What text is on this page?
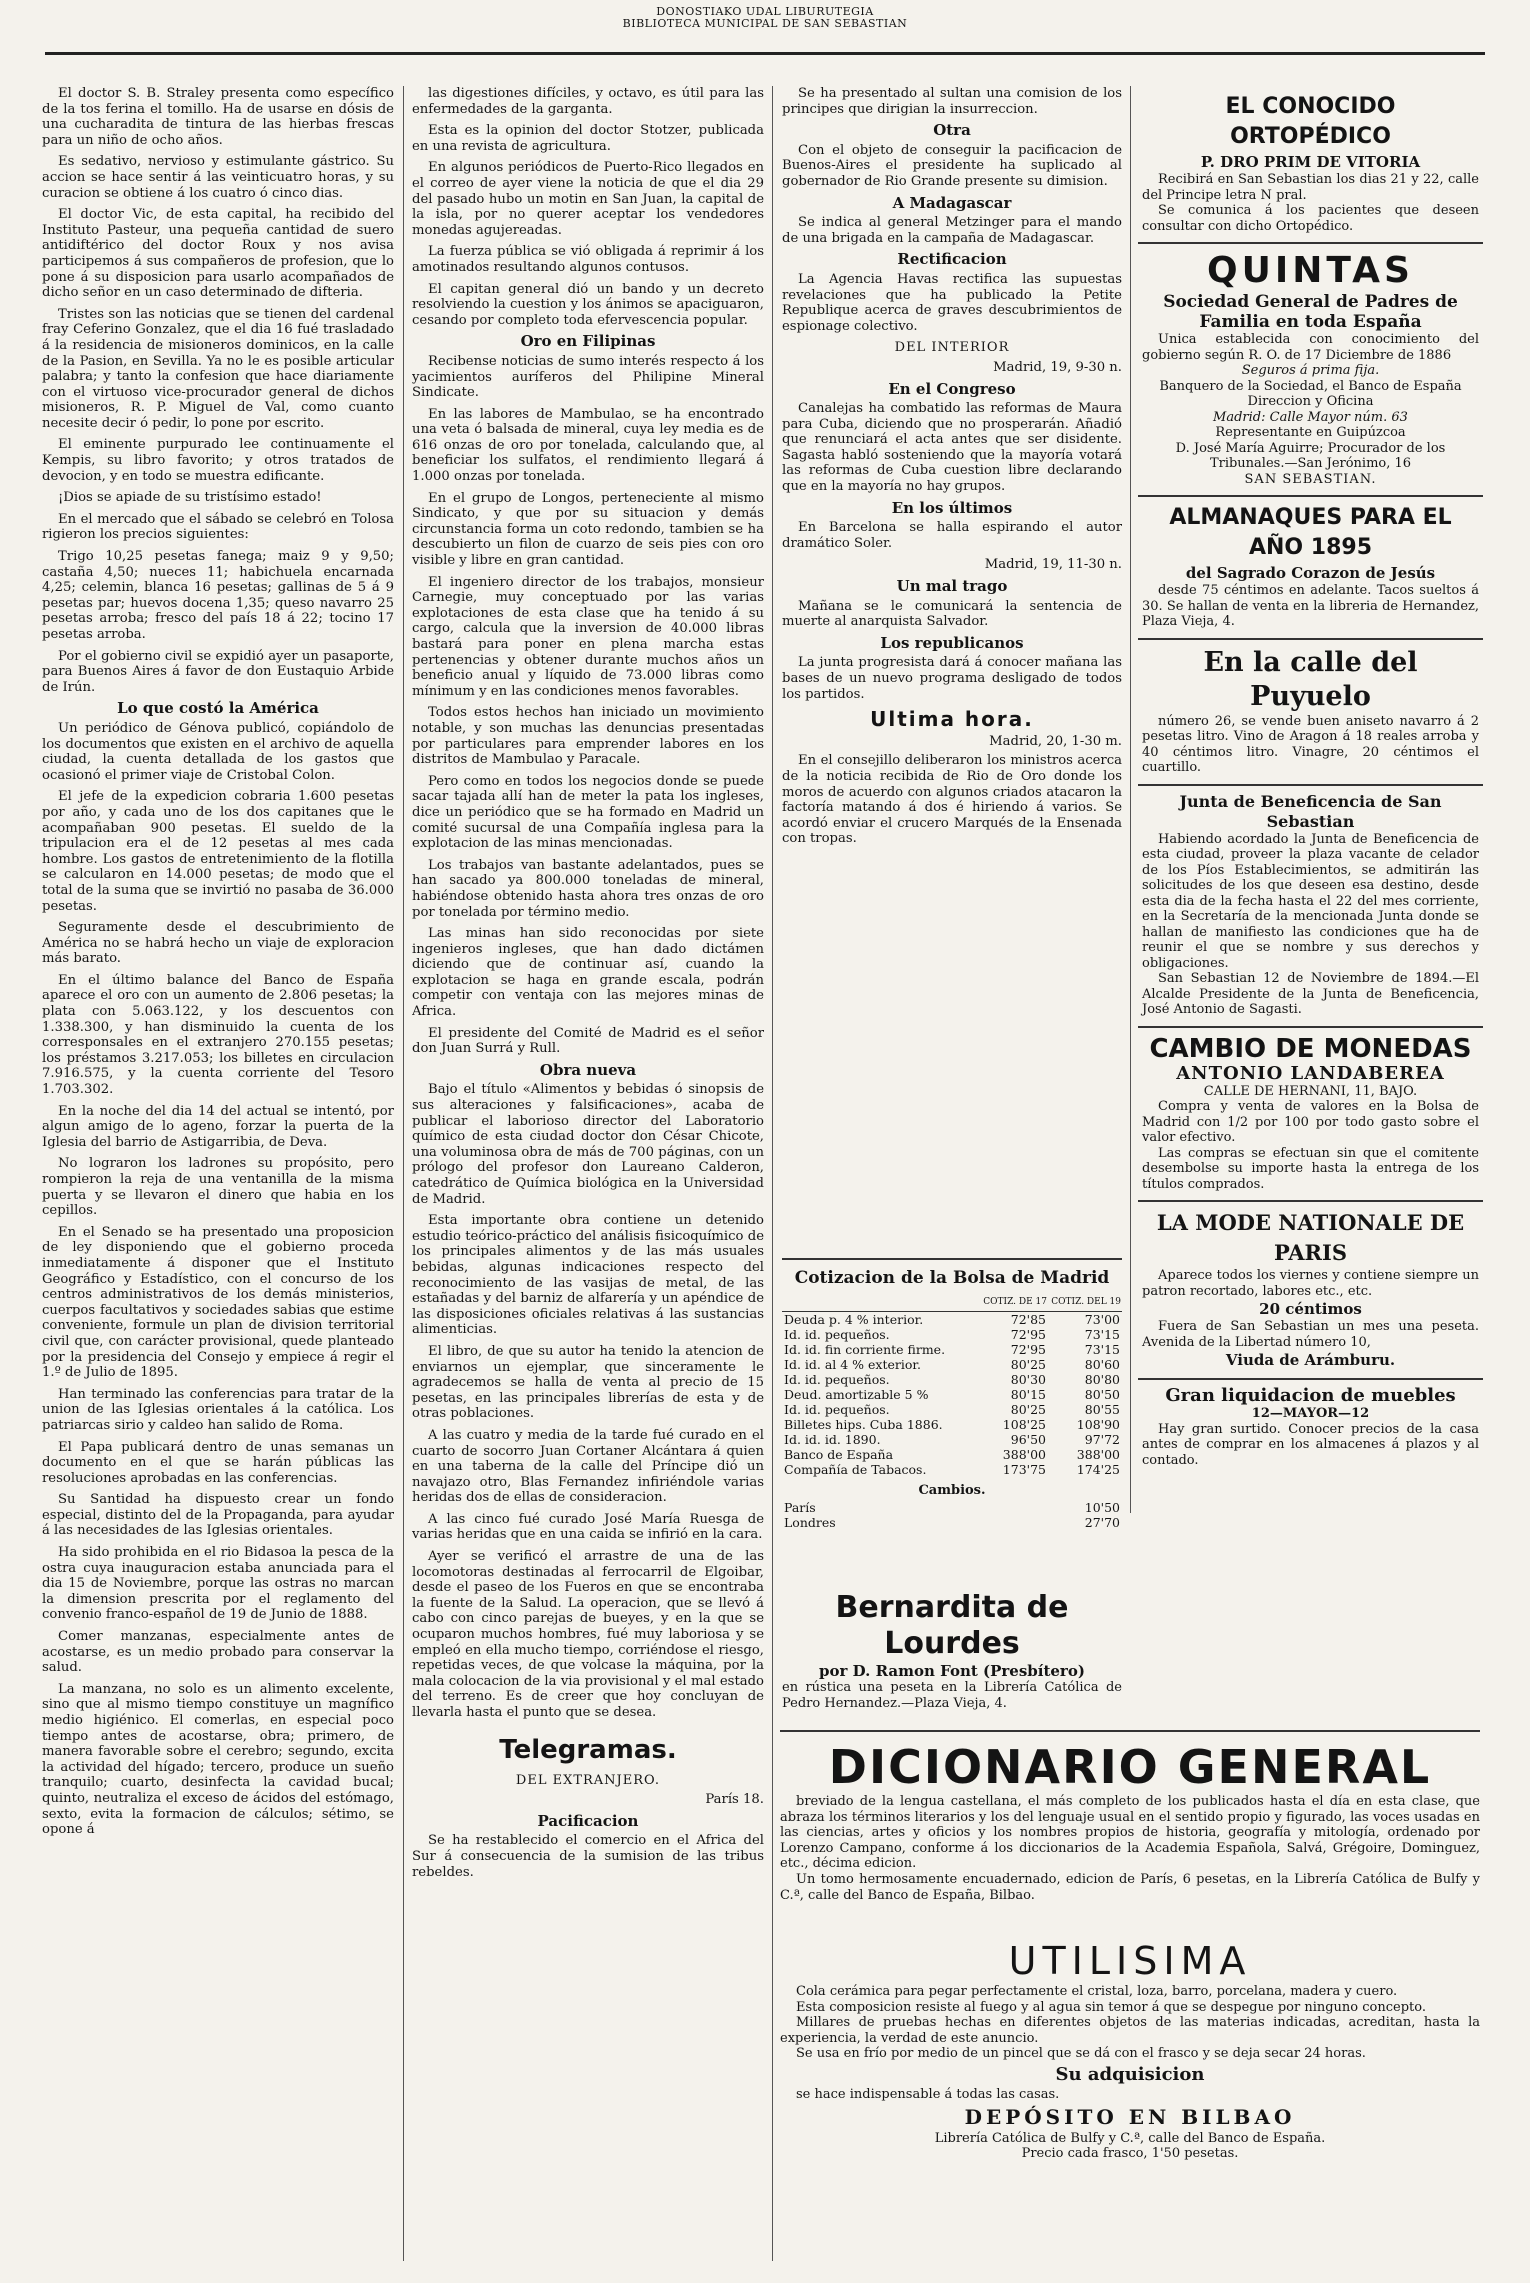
DONOSTIAKO UDAL LIBURUTEGIA
BIBLIOTECA MUNICIPAL DE SAN SEBASTIAN

El doctor S. B. Straley presenta como específico de la tos ferina el tomillo. Ha de usarse en dósis de una cucharadita de tintura de las hierbas frescas para un niño de ocho años.

Es sedativo, nervioso y estimulante gástrico. Su accion se hace sentir á las veinticuatro horas, y su curacion se obtiene á los cuatro ó cinco dias.

El doctor Vic, de esta capital, ha recibido del Instituto Pasteur, una pequeña cantidad de suero antidiftérico del doctor Roux y nos avisa participemos á sus compañeros de profesion, que lo pone á su disposicion para usarlo acompañados de dicho señor en un caso determinado de difteria.

Tristes son las noticias que se tienen del cardenal fray Ceferino Gonzalez, que el dia 16 fué trasladado á la residencia de misioneros dominicos, en la calle de la Pasion, en Sevilla. Ya no le es posible articular palabra; y tanto la confesion que hace diariamente con el virtuoso vice-procurador general de dichos misioneros, R. P. Miguel de Val, como cuanto necesite decir ó pedir, lo pone por escrito.

El eminente purpurado lee continuamente el Kempis, su libro favorito; y otros tratados de devocion, y en todo se muestra edificante.

¡Dios se apiade de su tristísimo estado!

En el mercado que el sábado se celebró en Tolosa rigieron los precios siguientes:

Trigo 10,25 pesetas fanega; maiz 9 y 9,50; castaña 4,50; nueces 11; habichuela encarnada 4,25; celemin, blanca 16 pesetas; gallinas de 5 á 9 pesetas par; huevos docena 1,35; queso navarro 25 pesetas arroba; fresco del país 18 á 22; tocino 17 pesetas arroba.

Por el gobierno civil se expidió ayer un pasaporte, para Buenos Aires á favor de don Eustaquio Arbide de Irún.

Lo que costó la América

Un periódico de Génova publicó, copiándolo de los documentos que existen en el archivo de aquella ciudad, la cuenta detallada de los gastos que ocasionó el primer viaje de Cristobal Colon.

El jefe de la expedicion cobraria 1.600 pesetas por año, y cada uno de los dos capitanes que le acompañaban 900 pesetas. El sueldo de la tripulacion era el de 12 pesetas al mes cada hombre. Los gastos de entretenimiento de la flotilla se calcularon en 14.000 pesetas; de modo que el total de la suma que se invirtió no pasaba de 36.000 pesetas.

Seguramente desde el descubrimiento de América no se habrá hecho un viaje de exploracion más barato.

En el último balance del Banco de España aparece el oro con un aumento de 2.806 pesetas; la plata con 5.063.122, y los descuentos con 1.338.300, y han disminuido la cuenta de los corresponsales en el extranjero 270.155 pesetas; los préstamos 3.217.053; los billetes en circulacion 7.916.575, y la cuenta corriente del Tesoro 1.703.302.

En la noche del dia 14 del actual se intentó, por algun amigo de lo ageno, forzar la puerta de la Iglesia del barrio de Astigarribia, de Deva.

No lograron los ladrones su propósito, pero rompieron la reja de una ventanilla de la misma puerta y se llevaron el dinero que habia en los cepillos.

En el Senado se ha presentado una proposicion de ley disponiendo que el gobierno proceda inmediatamente á disponer que el Instituto Geográfico y Estadístico, con el concurso de los centros administrativos de los demás ministerios, cuerpos facultativos y sociedades sabias que estime conveniente, formule un plan de division territorial civil que, con carácter provisional, quede planteado por la presidencia del Consejo y empiece á regir el 1.º de Julio de 1895.

Han terminado las conferencias para tratar de la union de las Iglesias orientales á la católica. Los patriarcas sirio y caldeo han salido de Roma.

El Papa publicará dentro de unas semanas un documento en el que se harán públicas las resoluciones aprobadas en las conferencias.

Su Santidad ha dispuesto crear un fondo especial, distinto del de la Propaganda, para ayudar á las necesidades de las Iglesias orientales.

Ha sido prohibida en el rio Bidasoa la pesca de la ostra cuya inauguracion estaba anunciada para el dia 15 de Noviembre, porque las ostras no marcan la dimension prescrita por el reglamento del convenio franco-español de 19 de Junio de 1888.

Comer manzanas, especialmente antes de acostarse, es un medio probado para conservar la salud.

La manzana, no solo es un alimento excelente, sino que al mismo tiempo constituye un magnífico medio higiénico. El comerlas, en especial poco tiempo antes de acostarse, obra; primero, de manera favorable sobre el cerebro; segundo, excita la actividad del hígado; tercero, produce un sueño tranquilo; cuarto, desinfecta la cavidad bucal; quinto, neutraliza el exceso de ácidos del estómago, sexto, evita la formacion de cálculos; sétimo, se opone á

las digestiones difíciles, y octavo, es útil para las enfermedades de la garganta.

Esta es la opinion del doctor Stotzer, publicada en una revista de agricultura.

En algunos periódicos de Puerto-Rico llegados en el correo de ayer viene la noticia de que el dia 29 del pasado hubo un motin en San Juan, la capital de la isla, por no querer aceptar los vendedores monedas agujereadas.

La fuerza pública se vió obligada á reprimir á los amotinados resultando algunos contusos.

El capitan general dió un bando y un decreto resolviendo la cuestion y los ánimos se apaciguaron, cesando por completo toda efervescencia popular.

Oro en Filipinas

Recibense noticias de sumo interés respecto á los yacimientos auríferos del Philipine Mineral Sindicate.

En las labores de Mambulao, se ha encontrado una veta ó balsada de mineral, cuya ley media es de 616 onzas de oro por tonelada, calculando que, al beneficiar los sulfatos, el rendimiento llegará á 1.000 onzas por tonelada.

En el grupo de Longos, perteneciente al mismo Sindicato, y que por su situacion y demás circunstancia forma un coto redondo, tambien se ha descubierto un filon de cuarzo de seis pies con oro visible y libre en gran cantidad.

El ingeniero director de los trabajos, monsieur Carnegie, muy conceptuado por las varias explotaciones de esta clase que ha tenido á su cargo, calcula que la inversion de 40.000 libras bastará para poner en plena marcha estas pertenencias y obtener durante muchos años un beneficio anual y líquido de 73.000 libras como mínimum y en las condiciones menos favorables.

Todos estos hechos han iniciado un movimiento notable, y son muchas las denuncias presentadas por particulares para emprender labores en los distritos de Mambulao y Paracale.

Pero como en todos los negocios donde se puede sacar tajada allí han de meter la pata los ingleses, dice un periódico que se ha formado en Madrid un comité sucursal de una Compañía inglesa para la explotacion de las minas mencionadas.

Los trabajos van bastante adelantados, pues se han sacado ya 800.000 toneladas de mineral, habiéndose obtenido hasta ahora tres onzas de oro por tonelada por término medio.

Las minas han sido reconocidas por siete ingenieros ingleses, que han dado dictámen diciendo que de continuar así, cuando la explotacion se haga en grande escala, podrán competir con ventaja con las mejores minas de Africa.

El presidente del Comité de Madrid es el señor don Juan Surrá y Rull.

Obra nueva

Bajo el título «Alimentos y bebidas ó sinopsis de sus alteraciones y falsificaciones», acaba de publicar el laborioso director del Laboratorio químico de esta ciudad doctor don César Chicote, una voluminosa obra de más de 700 páginas, con un prólogo del profesor don Laureano Calderon, catedrático de Química biológica en la Universidad de Madrid.

Esta importante obra contiene un detenido estudio teórico-práctico del análisis fisicoquímico de los principales alimentos y de las más usuales bebidas, algunas indicaciones respecto del reconocimiento de las vasijas de metal, de las estañadas y del barniz de alfarería y un apéndice de las disposiciones oficiales relativas á las sustancias alimenticias.

El libro, de que su autor ha tenido la atencion de enviarnos un ejemplar, que sinceramente le agradecemos se halla de venta al precio de 15 pesetas, en las principales librerías de esta y de otras poblaciones.

A las cuatro y media de la tarde fué curado en el cuarto de socorro Juan Cortaner Alcántara á quien en una taberna de la calle del Príncipe dió un navajazo otro, Blas Fernandez infiriéndole varias heridas dos de ellas de consideracion.

A las cinco fué curado José María Ruesga de varias heridas que en una caida se infirió en la cara.

Ayer se verificó el arrastre de una de las locomotoras destinadas al ferrocarril de Elgoibar, desde el paseo de los Fueros en que se encontraba la fuente de la Salud. La operacion, que se llevó á cabo con cinco parejas de bueyes, y en la que se ocuparon muchos hombres, fué muy laboriosa y se empleó en ella mucho tiempo, corriéndose el riesgo, repetidas veces, de que volcase la máquina, por la mala colocacion de la via provisional y el mal estado del terreno. Es de creer que hoy concluyan de llevarla hasta el punto que se desea.

Telegramas.
DEL EXTRANJERO.
París 18.
Pacificacion

Se ha restablecido el comercio en el Africa del Sur á consecuencia de la sumision de las tribus rebeldes.

Se ha presentado al sultan una comision de los principes que dirigian la insurreccion.

Otra

Con el objeto de conseguir la pacificacion de Buenos-Aires el presidente ha suplicado al gobernador de Rio Grande presente su dimision.

A Madagascar

Se indica al general Metzinger para el mando de una brigada en la campaña de Madagascar.

Rectificacion

La Agencia Havas rectifica las supuestas revelaciones que ha publicado la Petite Republique acerca de graves descubrimientos de espionage colectivo.

DEL INTERIOR
Madrid, 19, 9-30 n.
En el Congreso

Canalejas ha combatido las reformas de Maura para Cuba, diciendo que no prosperarán. Añadió que renunciará el acta antes que ser disidente. Sagasta habló sosteniendo que la mayoría votará las reformas de Cuba cuestion libre declarando que en la mayoría no hay grupos.

En los últimos

En Barcelona se halla espirando el autor dramático Soler.

Madrid, 19, 11-30 n.
Un mal trago

Mañana se le comunicará la sentencia de muerte al anarquista Salvador.

Los republicanos

La junta progresista dará á conocer mañana las bases de un nuevo programa desligado de todos los partidos.

Ultima hora.
Madrid, 20, 1-30 m.

En el consejillo deliberaron los ministros acerca de la noticia recibida de Rio de Oro donde los moros de acuerdo con algunos criados atacaron la factoría matando á dos é hiriendo á varios. Se acordó enviar el crucero Marqués de la Ensenada con tropas.

EL CONOCIDO ORTOPÉDICO
P. DRO PRIM DE VITORIA
Recibirá en San Sebastian los dias 21 y 22, calle del Principe letra N pral.
Se comunica á los pacientes que deseen consultar con dicho Ortopédico.
QUINTAS
Sociedad General de Padres de Familia en toda España
Unica establecida con conocimiento del gobierno según R. O. de 17 Diciembre de 1886
Seguros á prima fija.
Banquero de la Sociedad, el Banco de España
Direccion y Oficina
Madrid: Calle Mayor núm. 63
Representante en Guipúzcoa
D. José María Aguirre; Procurador de los Tribunales.—San Jerónimo, 16
SAN SEBASTIAN.
ALMANAQUES PARA EL AÑO 1895
del Sagrado Corazon de Jesús
desde 75 céntimos en adelante. Tacos sueltos á 30. Se hallan de venta en la libreria de Hernandez, Plaza Vieja, 4.
En la calle del Puyuelo
número 26, se vende buen aniseto navarro á 2 pesetas litro. Vino de Aragon á 18 reales arroba y 40 céntimos litro. Vinagre, 20 céntimos el cuartillo.
Junta de Beneficencia de San Sebastian
Habiendo acordado la Junta de Beneficencia de esta ciudad, proveer la plaza vacante de celador de los Píos Establecimientos, se admitirán las solicitudes de los que deseen esa destino, desde esta dia de la fecha hasta el 22 del mes corriente, en la Secretaría de la mencionada Junta donde se hallan de manifiesto las condiciones que ha de reunir el que se nombre y sus derechos y obligaciones.
San Sebastian 12 de Noviembre de 1894.—El Alcalde Presidente de la Junta de Beneficencia, José Antonio de Sagasti.
CAMBIO DE MONEDAS
ANTONIO LANDABEREA
CALLE DE HERNANI, 11, BAJO.
Compra y venta de valores en la Bolsa de Madrid con 1/2 por 100 por todo gasto sobre el valor efectivo.
Las compras se efectuan sin que el comitente desembolse su importe hasta la entrega de los títulos comprados.
LA MODE NATIONALE DE PARIS
Aparece todos los viernes y contiene siempre un patron recortado, labores etc., etc.
20 céntimos
Fuera de San Sebastian un mes una peseta. Avenida de la Libertad número 10,
Viuda de Arámburu.
Gran liquidacion de muebles
12—MAYOR—12
Hay gran surtido. Conocer precios de la casa antes de comprar en los almacenes á plazos y al contado.
Cotizacion de la Bolsa de Madrid
	COTIZ. DE 17	COTIZ. DEL 19
Deuda p. 4 % interior.	72'85	73'00
Id. id. pequeños.	72'95	73'15
Id. id. fin corriente firme.	72'95	73'15
Id. id. al 4 % exterior.	80'25	80'60
Id. id. pequeños.	80'30	80'80
Deud. amortizable 5 %	80'15	80'50
Id. id. pequeños.	80'25	80'55
Billetes hips. Cuba 1886.	108'25	108'90
Id. id. id. 1890.	96'50	97'72
Banco de España	388'00	388'00
Compañía de Tabacos.	173'75	174'25
Cambios.
París	10'50
Londres	27'70
Bernardita de Lourdes
por D. Ramon Font (Presbítero)
en rústica una peseta en la Librería Católica de Pedro Hernandez.—Plaza Vieja, 4.
DICIONARIO GENERAL

breviado de la lengua castellana, el más completo de los publicados hasta el día en esta clase, que abraza los términos literarios y los del lenguaje usual en el sentido propio y figurado, las voces usadas en las ciencias, artes y oficios y los nombres propios de historia, geografía y mitología, ordenado por Lorenzo Campano, conforme á los diccionarios de la Academia Española, Salvá, Grégoire, Dominguez, etc., décima edicion.

Un tomo hermosamente encuadernado, edicion de París, 6 pesetas, en la Librería Católica de Bulfy y C.ª, calle del Banco de España, Bilbao.

UTILISIMA

Cola cerámica para pegar perfectamente el cristal, loza, barro, porcelana, madera y cuero.

Esta composicion resiste al fuego y al agua sin temor á que se despegue por ninguno concepto.

Millares de pruebas hechas en diferentes objetos de las materias indicadas, acreditan, hasta la experiencia, la verdad de este anuncio.

Se usa en frío por medio de un pincel que se dá con el frasco y se deja secar 24 horas.

Su adquisicion

se hace indispensable á todas las casas.

DEPÓSITO EN BILBAO
Librería Católica de Bulfy y C.ª, calle del Banco de España.
Precio cada frasco, 1'50 pesetas.
